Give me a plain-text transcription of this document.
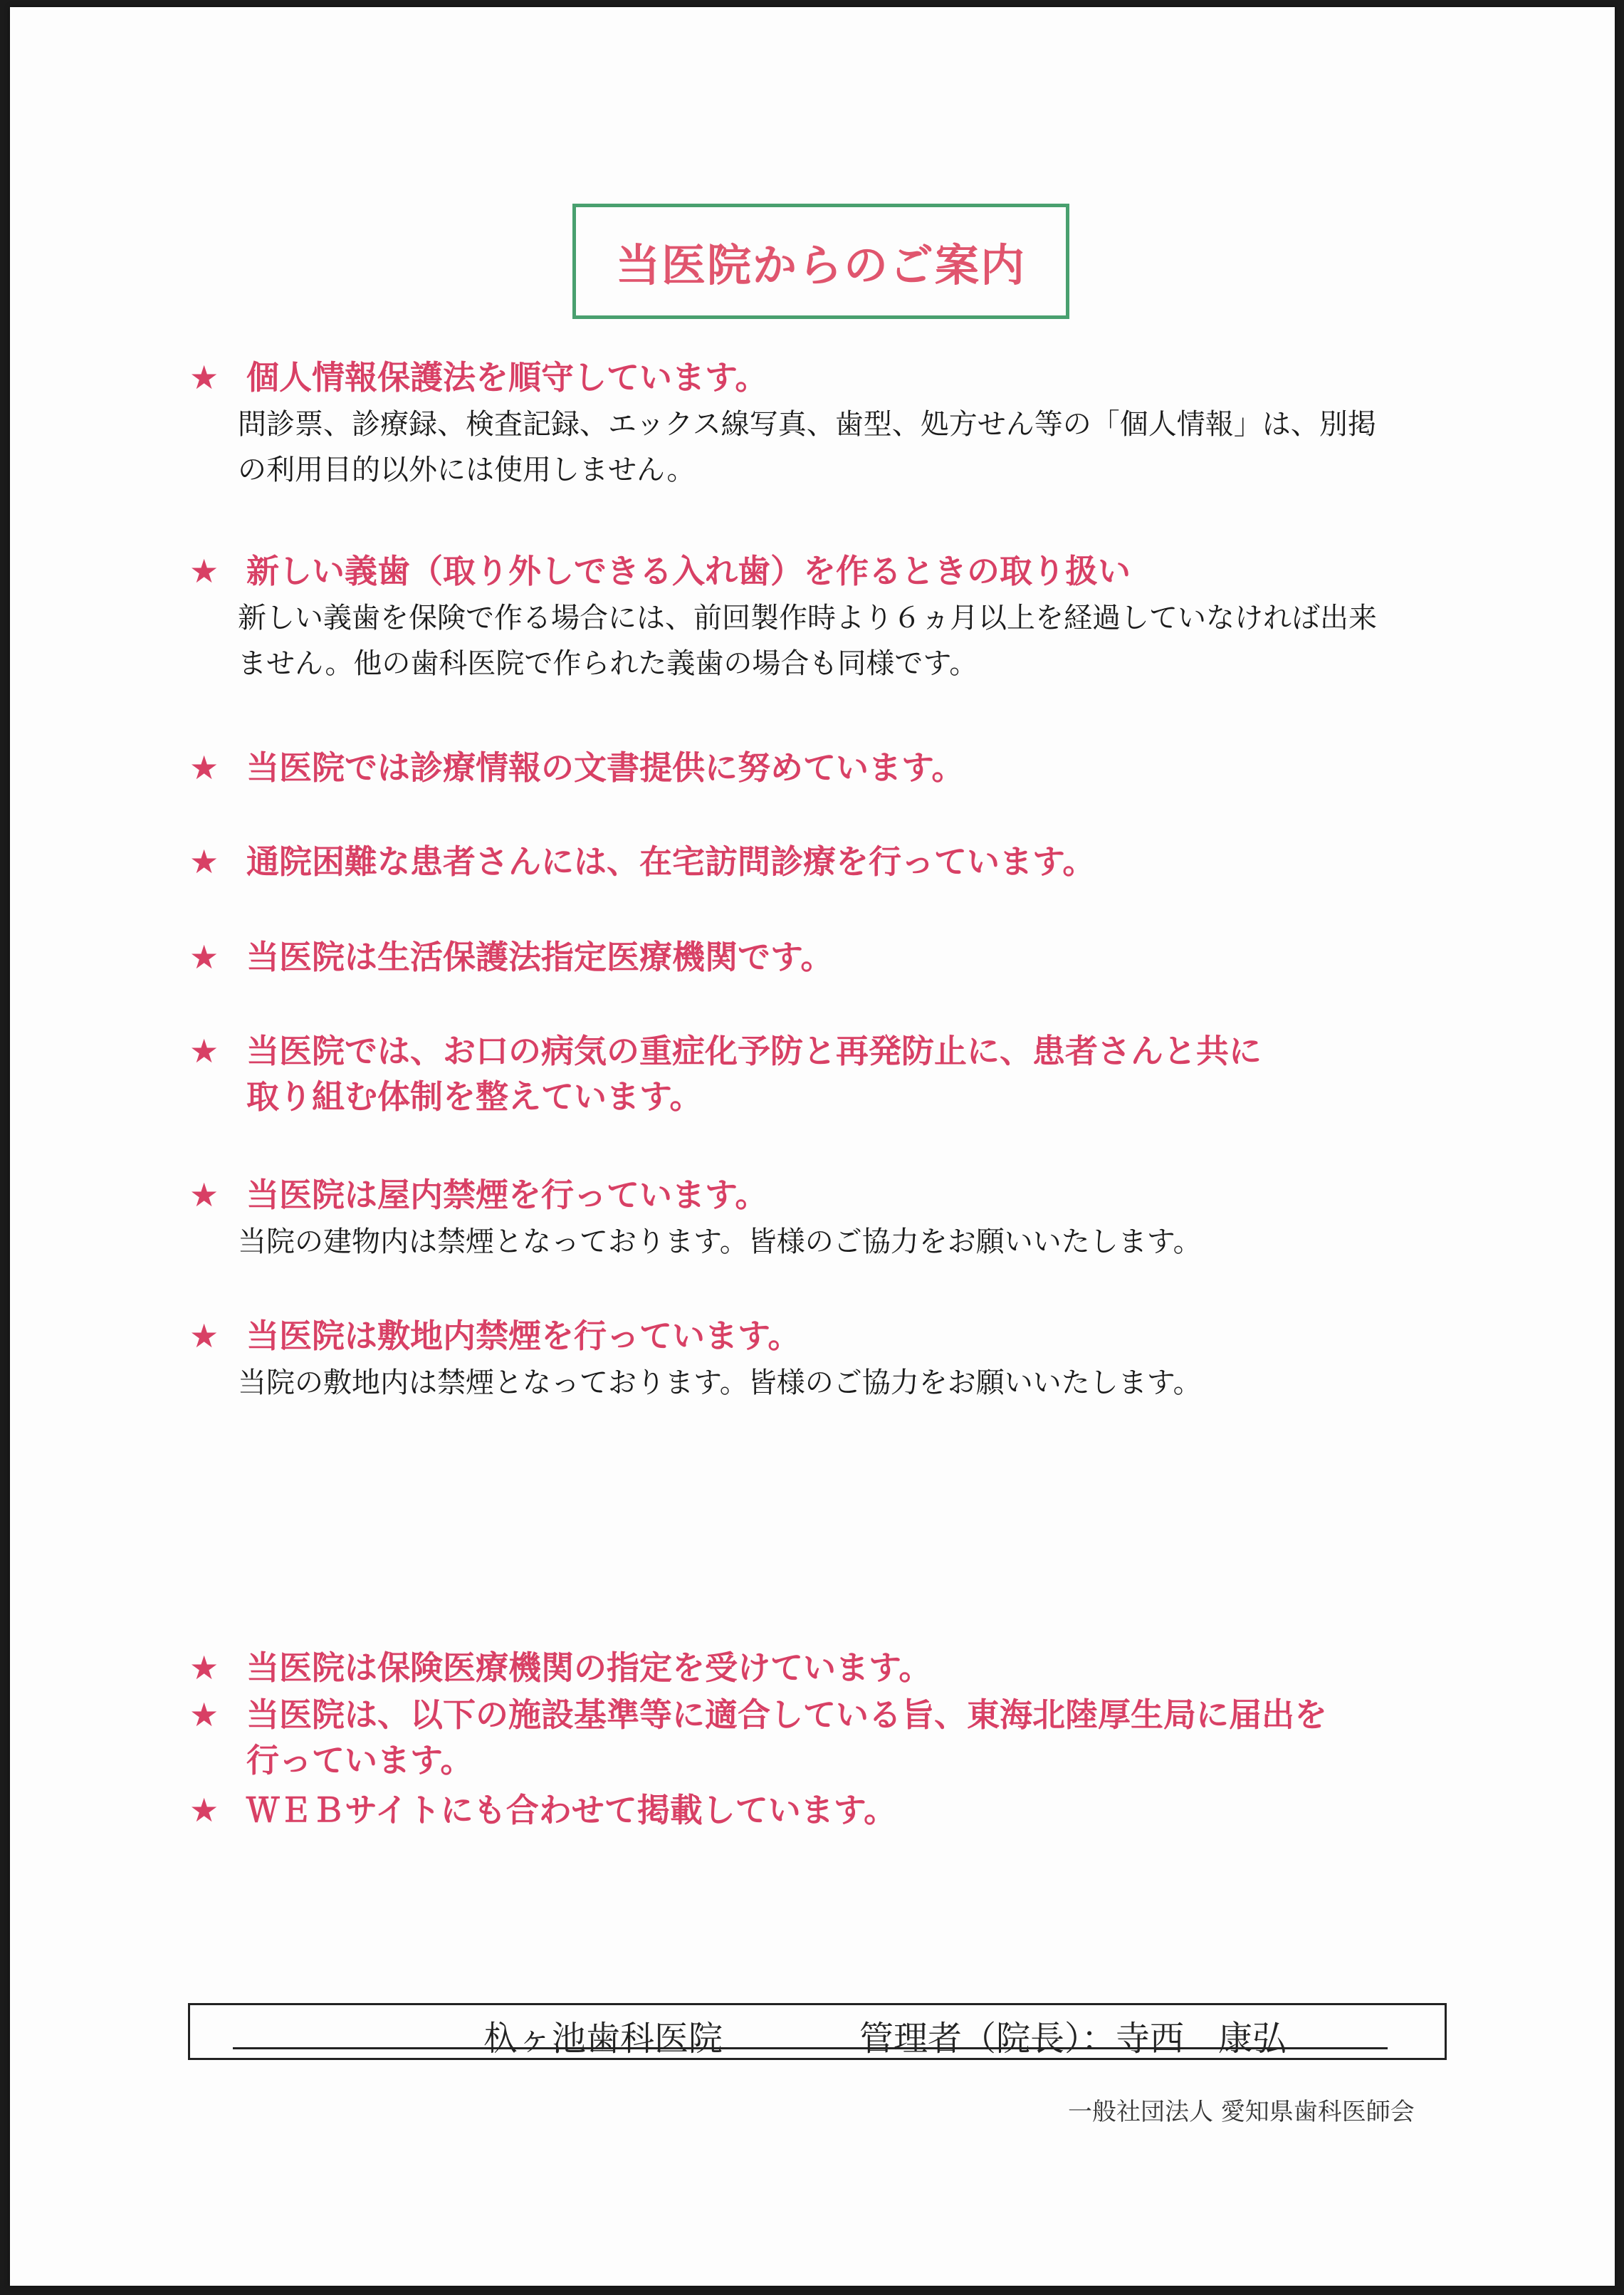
当医院からのご案内
★ 個人情報保護法を順守しています。
問診票、診療録、検査記録、エックス線写真、歯型、処方せん等の「個人情報」は、別掲
の利用目的以外には使用しません。
★ 新しい義歯（取り外しできる入れ歯）を作るときの取り扱い
新しい義歯を保険で作る場合には、前回製作時より６ヵ月以上を経過していなければ出来
ません。他の歯科医院で作られた義歯の場合も同様です。
★ 当医院では診療情報の文書提供に努めています。
★ 通院困難な患者さんには、在宅訪問診療を行っています。
★ 当医院は生活保護法指定医療機関です。
★ 当医院では、お口の病気の重症化予防と再発防止に、患者さんと共に
取り組む体制を整えています。
★ 当医院は屋内禁煙を行っています。
当院の建物内は禁煙となっております。皆様のご協力をお願いいたします。
★ 当医院は敷地内禁煙を行っています。
当院の敷地内は禁煙となっております。皆様のご協力をお願いいたします。
★ 当医院は保険医療機関の指定を受けています。
★ 当医院は、以下の施設基準等に適合している旨、東海北陸厚生局に届出を
行っています。
★ ＷＥＢサイトにも合わせて掲載しています。
杁ヶ池歯科医院	管理者（院長）：寺西　康弘
一般社団法人 愛知県歯科医師会
